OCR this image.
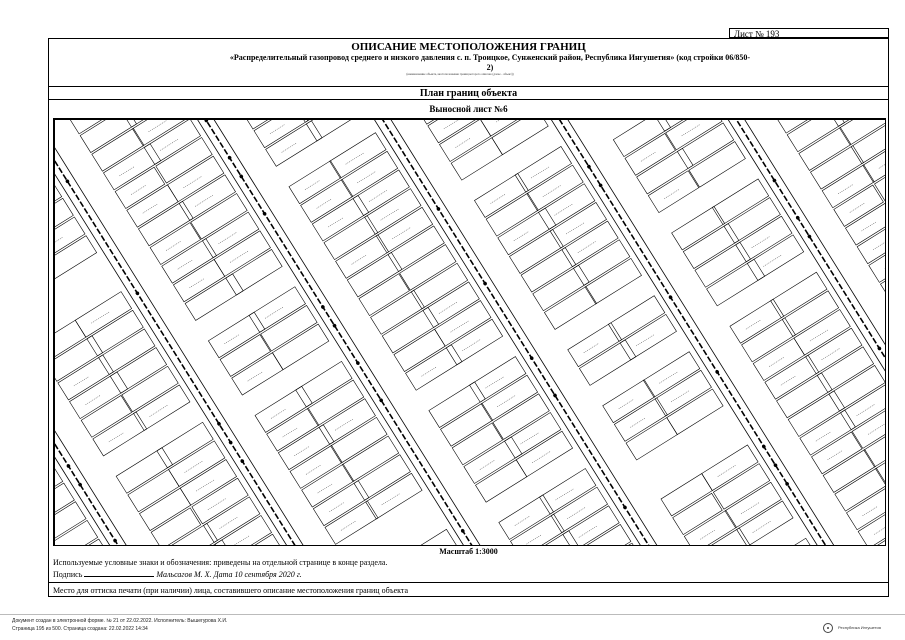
Лист № 193
ОПИСАНИЕ МЕСТОПОЛОЖЕНИЯ ГРАНИЦ
«Распределительный газопровод среднего и низкого давления с. п. Троицкое, Сунженский район, Республика Ингушетия» (код стройки 06/850-
2)
(наименование объекта, местоположение границ которого описано (далее - объект))
План границ объекта
Выносной лист №6
Масштаб 1:3000
Используемые условные знаки и обозначения: приведены на отдельной странице в конце раздела.
Подпись	Мальсагов М. Х. Дата 10 сентября 2020 г.
Место для оттиска печати (при наличии) лица, составившего описание местоположения границ объекта
Документ создан в электронной форме. № 21 от 22.02.2022. Исполнитель: Вышегурова Х.И.
Страница 195 из 500. Страница создана: 22.02.2022 14:34	Республика Ингушетия
